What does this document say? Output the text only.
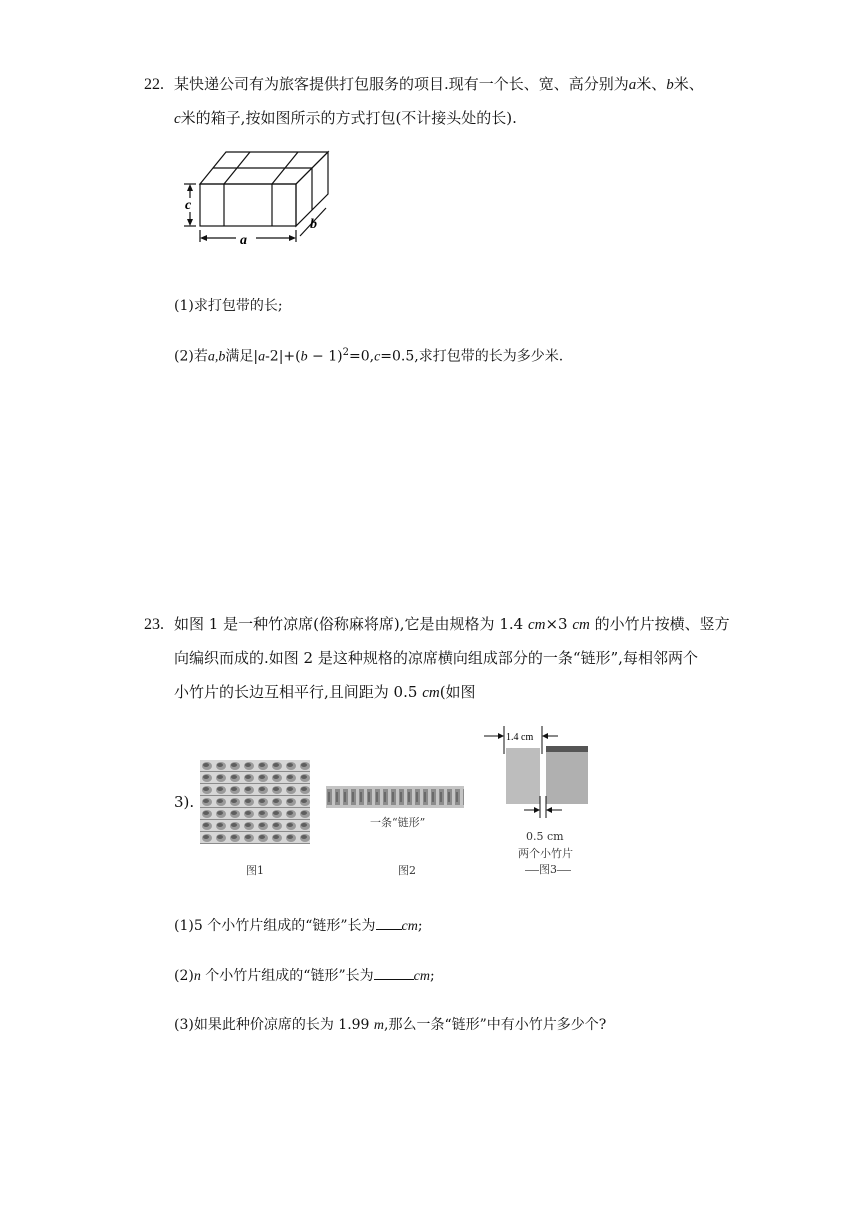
22. 某快递公司有为旅客提供打包服务的项目.现有一个长、宽、高分别为a米、b米、
c米的箱子,按如图所示的方式打包(不计接头处的长).
a
b
c
(1)求打包带的长;
(2)若a,b满足$|a-2|+(b - 1)^2=0,c=0.5$,求打包带的长为多少米.
23. 如图 1 是一种竹凉席(俗称麻将席),它是由规格为 1.4 cm×3 cm 的小竹片按横、竖方
向编织而成的.如图 2 是这种规格的凉席横向组成部分的一条“链形”,每相邻两个
小竹片的长边互相平行,且间距为 0.5 cm(如图
3).
图1
一条“链形”
图2
1.4 cm
0.5 cm
两个小竹片
图3
(1)5 个小竹片组成的“链形”长为 cm;
(2)n 个小竹片组成的“链形”长为	cm;
(3)如果此种价凉席的长为 1.99 m,那么一条“链形”中有小竹片多少个?
